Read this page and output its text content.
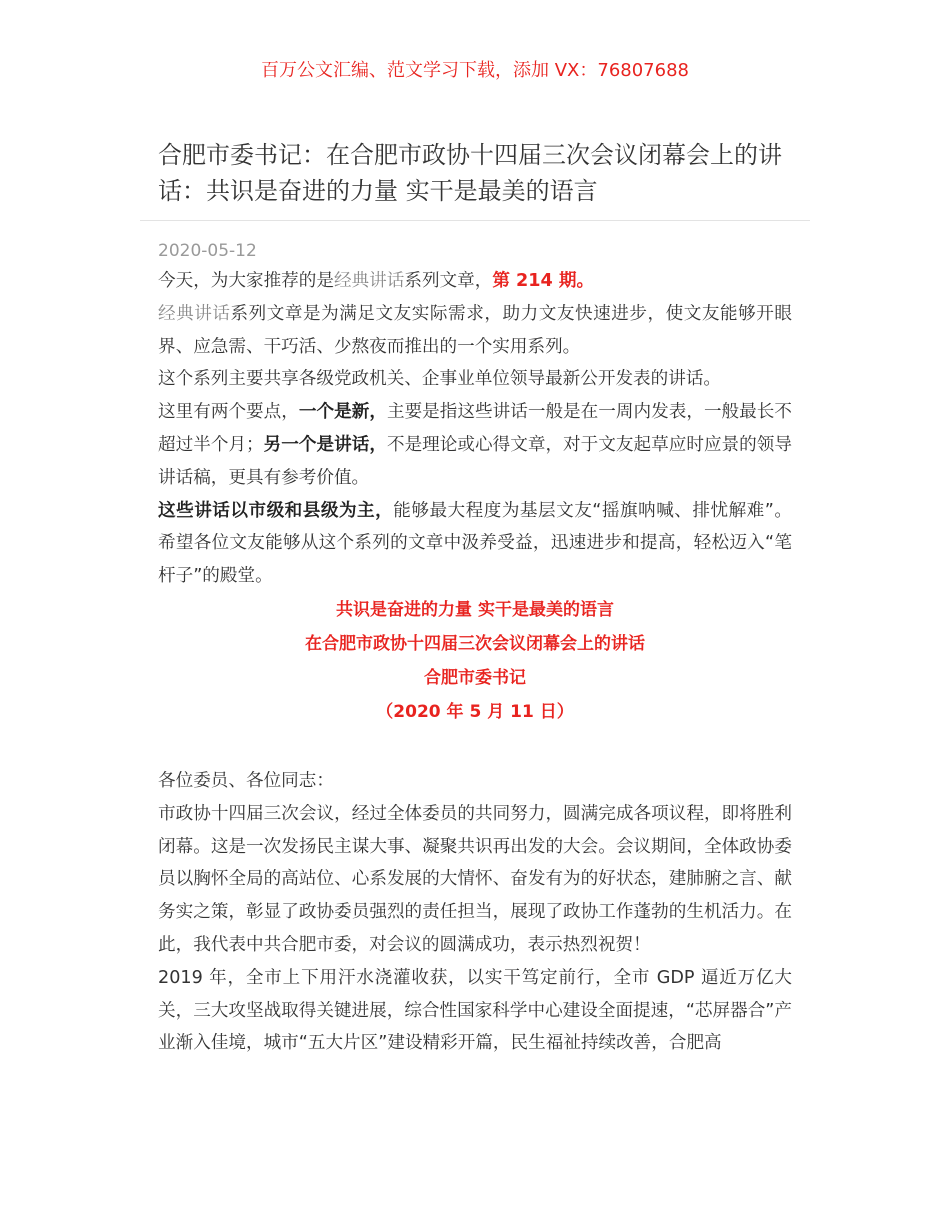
百万公文汇编、范文学习下载，添加 VX：76807688
合肥市委书记：在合肥市政协十四届三次会议闭幕会上的讲话：共识是奋进的力量 实干是最美的语言
2020-05-12

今天，为大家推荐的是经典讲话系列文章，第 214 期。

经典讲话系列文章是为满足文友实际需求，助力文友快速进步，使文友能够开眼界、应急需、干巧活、少熬夜而推出的一个实用系列。

这个系列主要共享各级党政机关、企事业单位领导最新公开发表的讲话。

这里有两个要点，一个是新，主要是指这些讲话一般是在一周内发表，一般最长不超过半个月；另一个是讲话，不是理论或心得文章，对于文友起草应时应景的领导讲话稿，更具有参考价值。

这些讲话以市级和县级为主，能够最大程度为基层文友“摇旗呐喊、排忧解难”。希望各位文友能够从这个系列的文章中汲养受益，迅速进步和提高，轻松迈入“笔杆子”的殿堂。

共识是奋进的力量 实干是最美的语言
在合肥市政协十四届三次会议闭幕会上的讲话
合肥市委书记
（2020 年 5 月 11 日）

各位委员、各位同志：

市政协十四届三次会议，经过全体委员的共同努力，圆满完成各项议程，即将胜利闭幕。这是一次发扬民主谋大事、凝聚共识再出发的大会。会议期间，全体政协委员以胸怀全局的高站位、心系发展的大情怀、奋发有为的好状态，建肺腑之言、献务实之策，彰显了政协委员强烈的责任担当，展现了政协工作蓬勃的生机活力。在此，我代表中共合肥市委，对会议的圆满成功，表示热烈祝贺！

2019 年，全市上下用汗水浇灌收获，以实干笃定前行，全市 GDP 逼近万亿大关，三大攻坚战取得关键进展，综合性国家科学中心建设全面提速，“芯屏器合”产业渐入佳境，城市“五大片区”建设精彩开篇，民生福祉持续改善，合肥高
